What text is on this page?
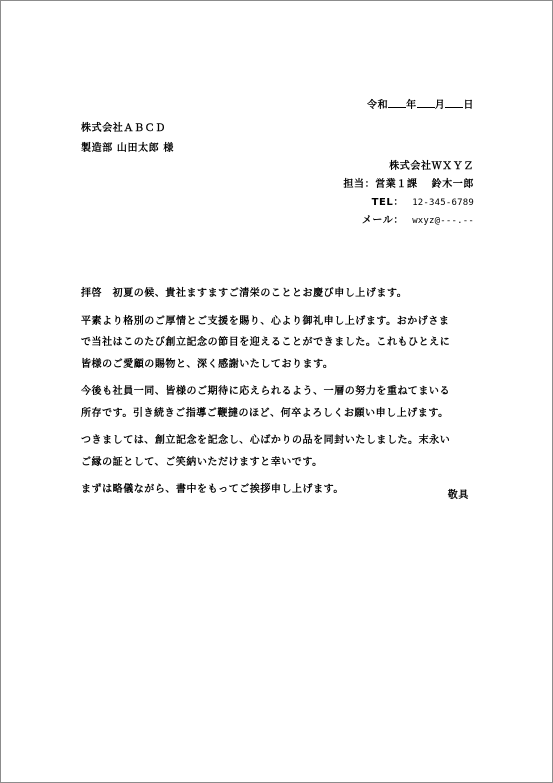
令和 年 月 日
株式会社ＡＢＣＤ
製造部 山田太郎 様
株式会社ＷＸＹＺ
担当：営業１課 鈴木一郎
TEL： 12-345-6789
メール： wxyz@---.--

拝啓　初夏の候、貴社ますますご清栄のこととお慶び申し上げます。

平素より格別のご厚情とご支援を賜り、心より御礼申し上げます。おかげさま
で当社はこのたび創立記念の節目を迎えることができました。これもひとえに
皆様のご愛顧の賜物と、深く感謝いたしております。

今後も社員一同、皆様のご期待に応えられるよう、一層の努力を重ねてまいる
所存です。引き続きご指導ご鞭撻のほど、何卒よろしくお願い申し上げます。

つきましては、創立記念を記念し、心ばかりの品を同封いたしました。末永い
ご縁の証として、ご笑納いただけますと幸いです。

まずは略儀ながら、書中をもってご挨拶申し上げます。

敬具
